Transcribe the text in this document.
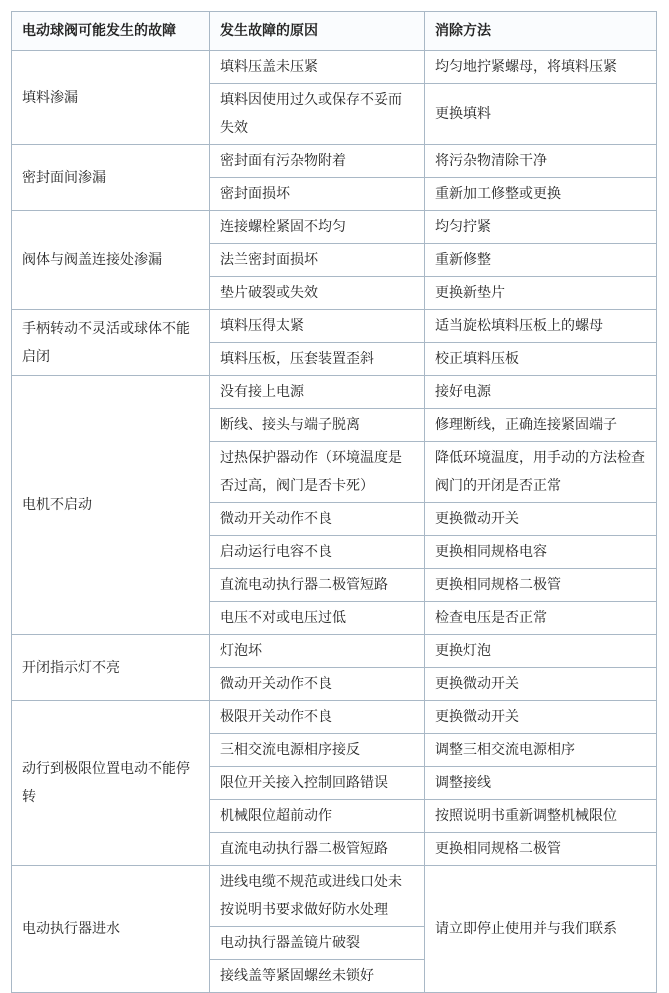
电动球阀可能发生的故障	发生故障的原因	消除方法
填料渗漏	填料压盖未压紧	均匀地拧紧螺母，将填料压紧
	填料因使用过久或保存不妥而失效	更换填料
密封面间渗漏	密封面有污杂物附着	将污杂物清除干净
	密封面损坏	重新加工修整或更换
阀体与阀盖连接处渗漏	连接螺栓紧固不均匀	均匀拧紧
	法兰密封面损坏	重新修整
	垫片破裂或失效	更换新垫片
手柄转动不灵活或球体不能启闭	填料压得太紧	适当旋松填料压板上的螺母
	填料压板，压套装置歪斜	校正填料压板
电机不启动	没有接上电源	接好电源
	断线、接头与端子脱离	修理断线，正确连接紧固端子
	过热保护器动作（环境温度是否过高，阀门是否卡死）	降低环境温度，用手动的方法检查阀门的开闭是否正常
	微动开关动作不良	更换微动开关
	启动运行电容不良	更换相同规格电容
	直流电动执行器二极管短路	更换相同规格二极管
	电压不对或电压过低	检查电压是否正常
开闭指示灯不亮	灯泡坏	更换灯泡
	微动开关动作不良	更换微动开关
动行到极限位置电动不能停转	极限开关动作不良	更换微动开关
	三相交流电源相序接反	调整三相交流电源相序
	限位开关接入控制回路错误	调整接线
	机械限位超前动作	按照说明书重新调整机械限位
	直流电动执行器二极管短路	更换相同规格二极管
电动执行器进水	进线电缆不规范或进线口处未按说明书要求做好防水处理	请立即停止使用并与我们联系
	电动执行器盖镜片破裂	
	接线盖等紧固螺丝未锁好	
